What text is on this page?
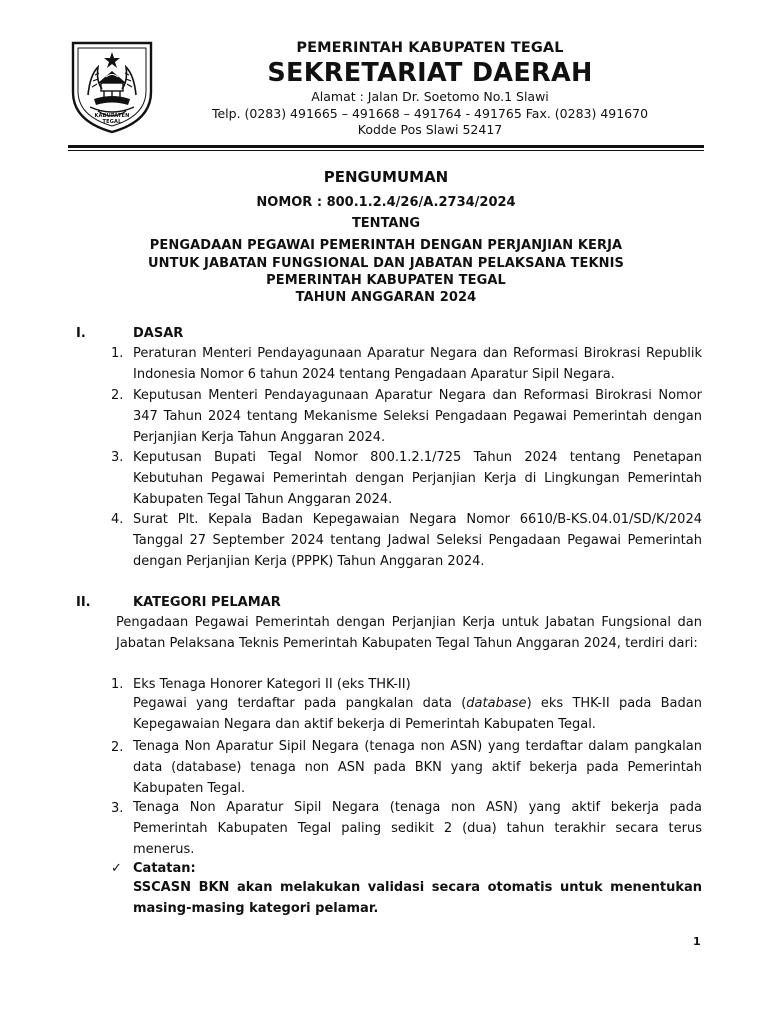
KABUPATEN TEGAL
PEMERINTAH KABUPATEN TEGAL
SEKRETARIAT DAERAH
Alamat : Jalan Dr. Soetomo No.1 Slawi
Telp. (0283) 491665 – 491668 – 491764 - 491765 Fax. (0283) 491670
Kodde Pos Slawi 52417
PENGUMUMAN
NOMOR : 800.1.2.4/26/A.2734/2024
TENTANG
PENGADAAN PEGAWAI PEMERINTAH DENGAN PERJANJIAN KERJA
UNTUK JABATAN FUNGSIONAL DAN JABATAN PELAKSANA TEKNIS
PEMERINTAH KABUPATEN TEGAL
TAHUN ANGGARAN 2024
I.	DASAR
1. Peraturan Menteri Pendayagunaan Aparatur Negara dan Reformasi Birokrasi Republik Indonesia Nomor 6 tahun 2024 tentang Pengadaan Aparatur Sipil Negara.
2. Keputusan Menteri Pendayagunaan Aparatur Negara dan Reformasi Birokrasi Nomor 347 Tahun 2024 tentang Mekanisme Seleksi Pengadaan Pegawai Pemerintah dengan Perjanjian Kerja Tahun Anggaran 2024.
3. Keputusan Bupati Tegal Nomor 800.1.2.1/725 Tahun 2024 tentang Penetapan Kebutuhan Pegawai Pemerintah dengan Perjanjian Kerja di Lingkungan Pemerintah Kabupaten Tegal Tahun Anggaran 2024.
4. Surat Plt. Kepala Badan Kepegawaian Negara Nomor 6610/B-KS.04.01/SD/K/2024 Tanggal 27 September 2024 tentang Jadwal Seleksi Pengadaan Pegawai Pemerintah dengan Perjanjian Kerja (PPPK) Tahun Anggaran 2024.
II.	KATEGORI PELAMAR
Pengadaan Pegawai Pemerintah dengan Perjanjian Kerja untuk Jabatan Fungsional dan Jabatan Pelaksana Teknis Pemerintah Kabupaten Tegal Tahun Anggaran 2024, terdiri dari:
1. Eks Tenaga Honorer Kategori II (eks THK-II)
Pegawai yang terdaftar pada pangkalan data (database) eks THK-II pada Badan
Kepegawaian Negara dan aktif bekerja di Pemerintah Kabupaten Tegal.
2. Tenaga Non Aparatur Sipil Negara (tenaga non ASN) yang terdaftar dalam pangkalan data (database) tenaga non ASN pada BKN yang aktif bekerja pada Pemerintah Kabupaten Tegal.
3. Tenaga Non Aparatur Sipil Negara (tenaga non ASN) yang aktif bekerja pada Pemerintah Kabupaten Tegal paling sedikit 2 (dua) tahun terakhir secara terus menerus.
✓ Catatan:
SSCASN BKN akan melakukan validasi secara otomatis untuk menentukan masing-masing kategori pelamar.
1
